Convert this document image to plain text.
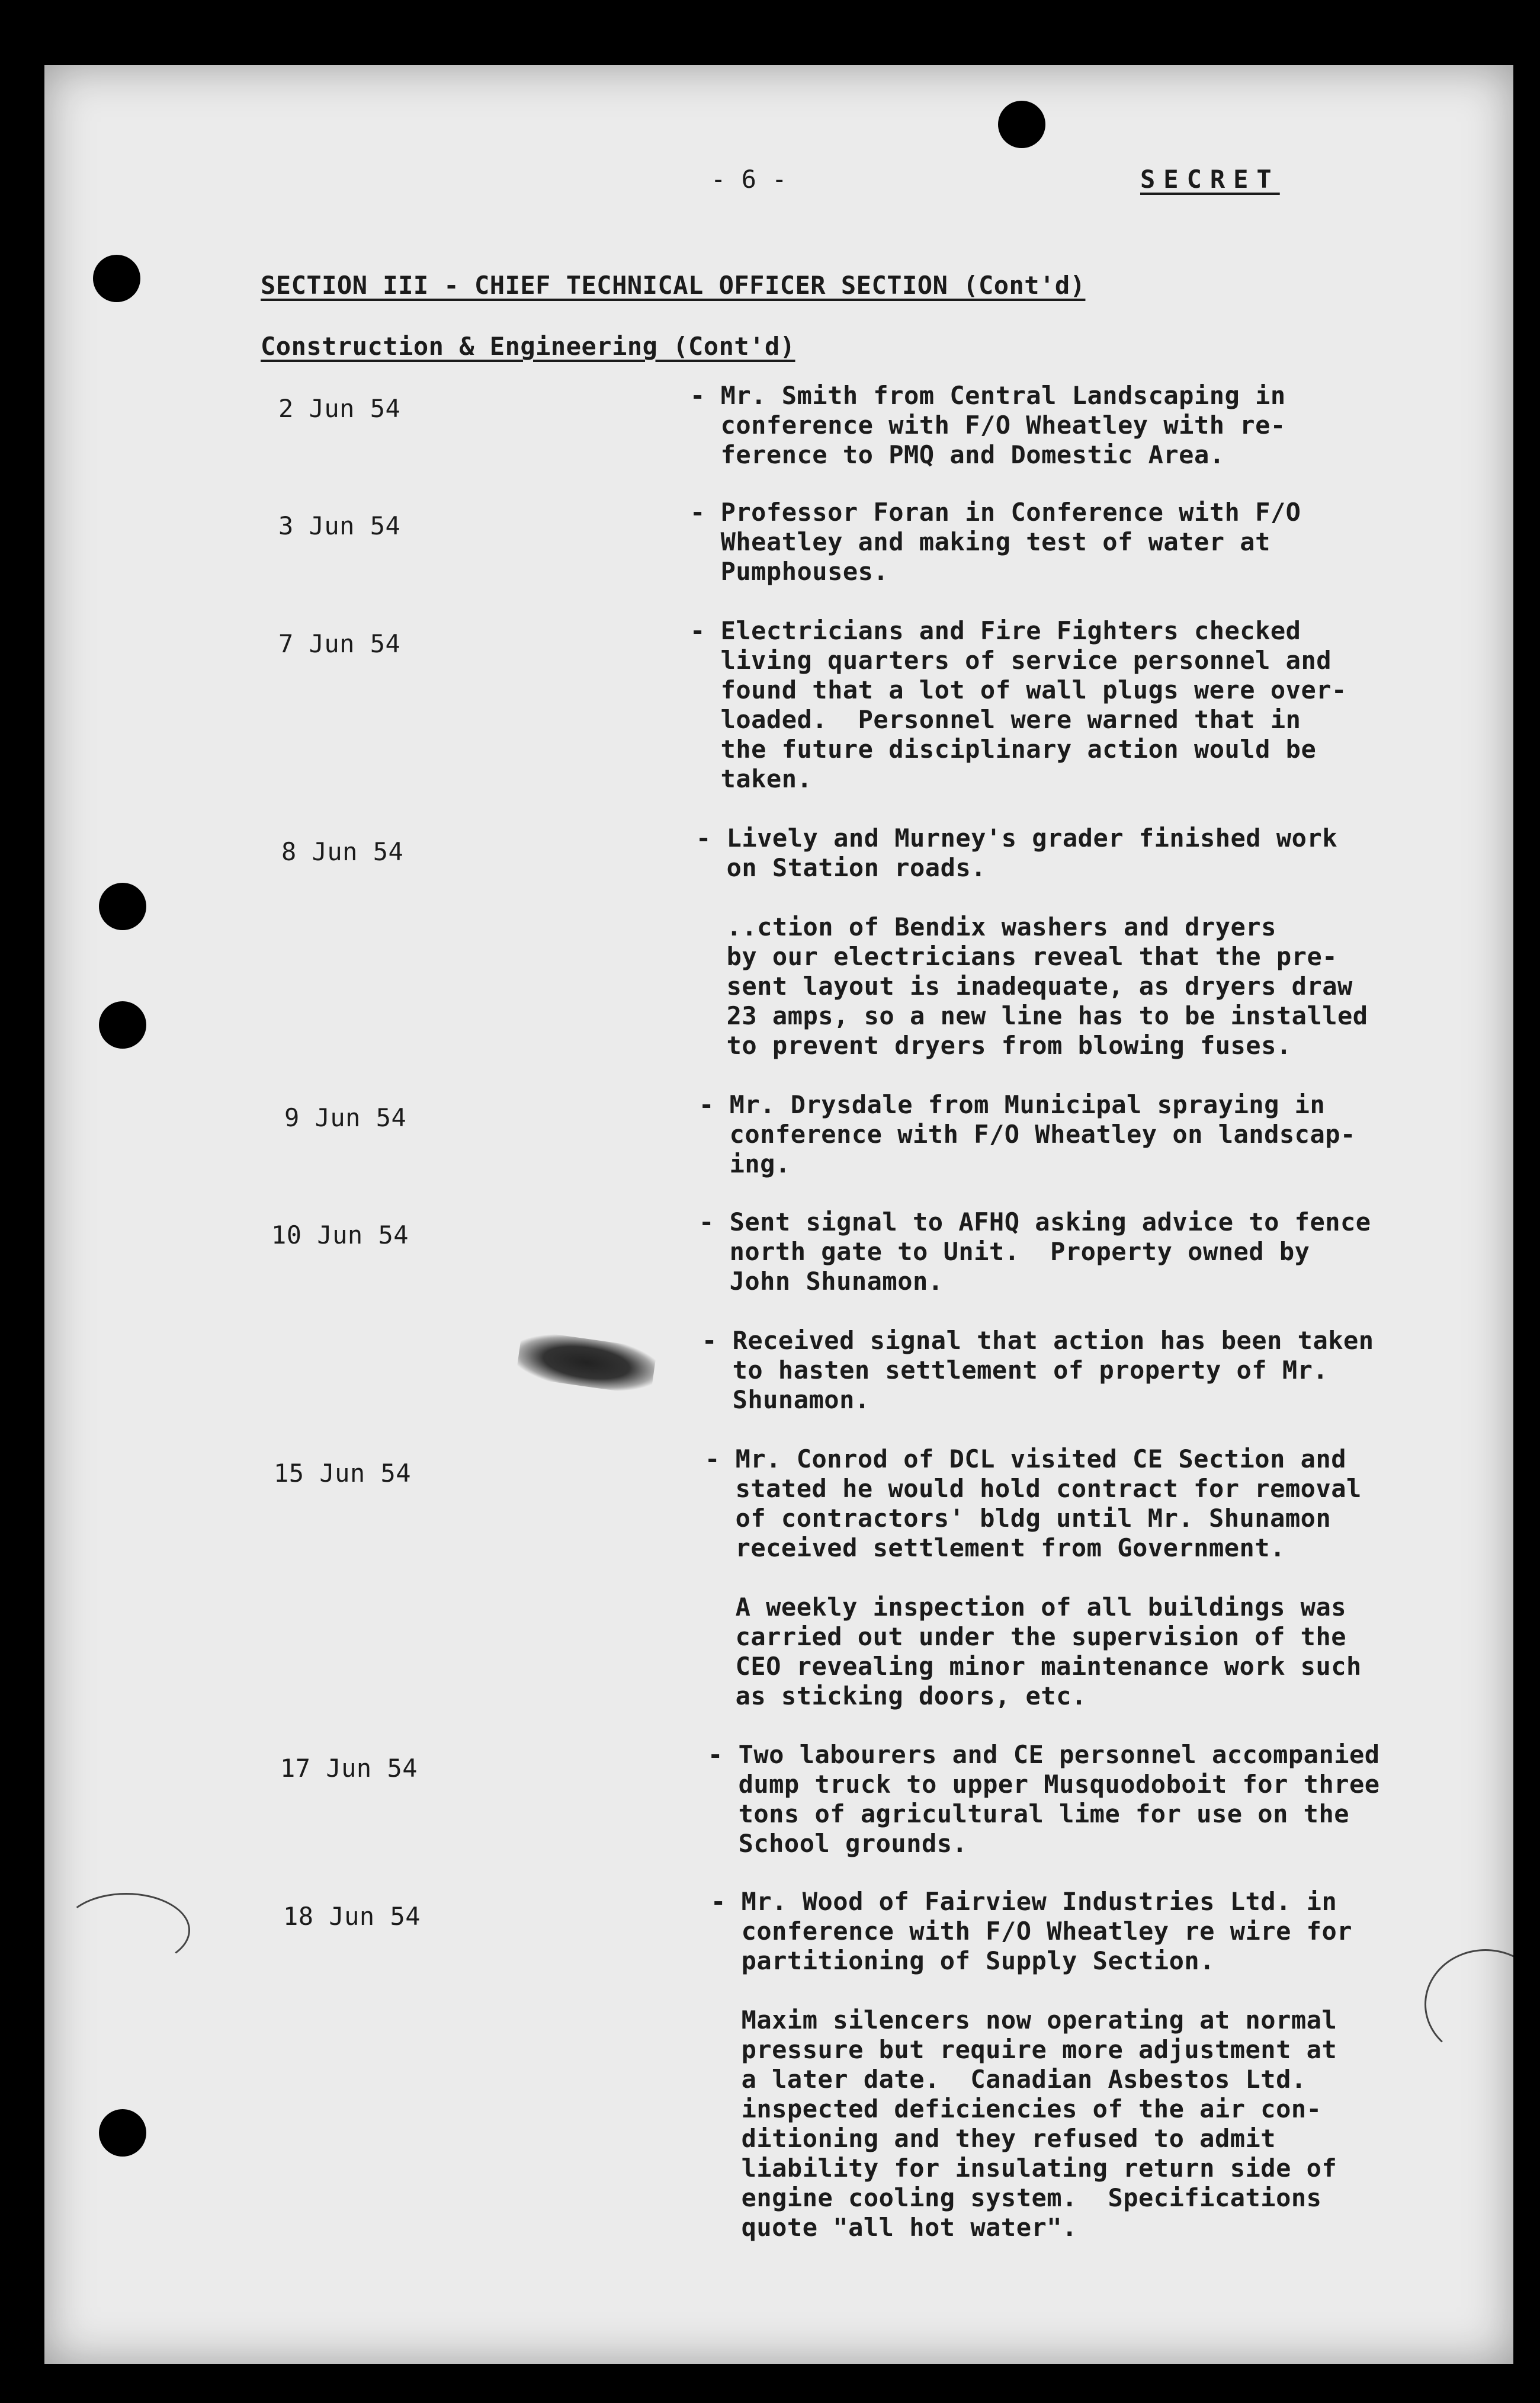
- 6 -	SECRET
SECTION III - CHIEF TECHNICAL OFFICER SECTION (Cont'd)
Construction & Engineering (Cont'd)
2 Jun 54	- Mr. Smith from Central Landscaping in
conference with F/O Wheatley with re-
ference to PMQ and Domestic Area.
3 Jun 54	- Professor Foran in Conference with F/O
Wheatley and making test of water at
Pumphouses.
7 Jun 54	- Electricians and Fire Fighters checked
living quarters of service personnel and
found that a lot of wall plugs were over-
loaded.  Personnel were warned that in
the future disciplinary action would be
taken.
8 Jun 54	- Lively and Murney's grader finished work
on Station roads.
..ction of Bendix washers and dryers
by our electricians reveal that the pre-
sent layout is inadequate, as dryers draw
23 amps, so a new line has to be installed
to prevent dryers from blowing fuses.
9 Jun 54	- Mr. Drysdale from Municipal spraying in
conference with F/O Wheatley on landscap-
ing.
10 Jun 54	- Sent signal to AFHQ asking advice to fence
north gate to Unit.  Property owned by
John Shunamon.
- Received signal that action has been taken
to hasten settlement of property of Mr.
Shunamon.
15 Jun 54	- Mr. Conrod of DCL visited CE Section and
stated he would hold contract for removal
of contractors' bldg until Mr. Shunamon
received settlement from Government.
A weekly inspection of all buildings was
carried out under the supervision of the
CEO revealing minor maintenance work such
as sticking doors, etc.
17 Jun 54	- Two labourers and CE personnel accompanied
dump truck to upper Musquodoboit for three
tons of agricultural lime for use on the
School grounds.
18 Jun 54
- Mr. Wood of Fairview Industries Ltd. in
conference with F/O Wheatley re wire for
partitioning of Supply Section.
Maxim silencers now operating at normal
pressure but require more adjustment at
a later date.  Canadian Asbestos Ltd.
inspected deficiencies of the air con-
ditioning and they refused to admit
liability for insulating return side of
engine cooling system.  Specifications
quote "all hot water".
